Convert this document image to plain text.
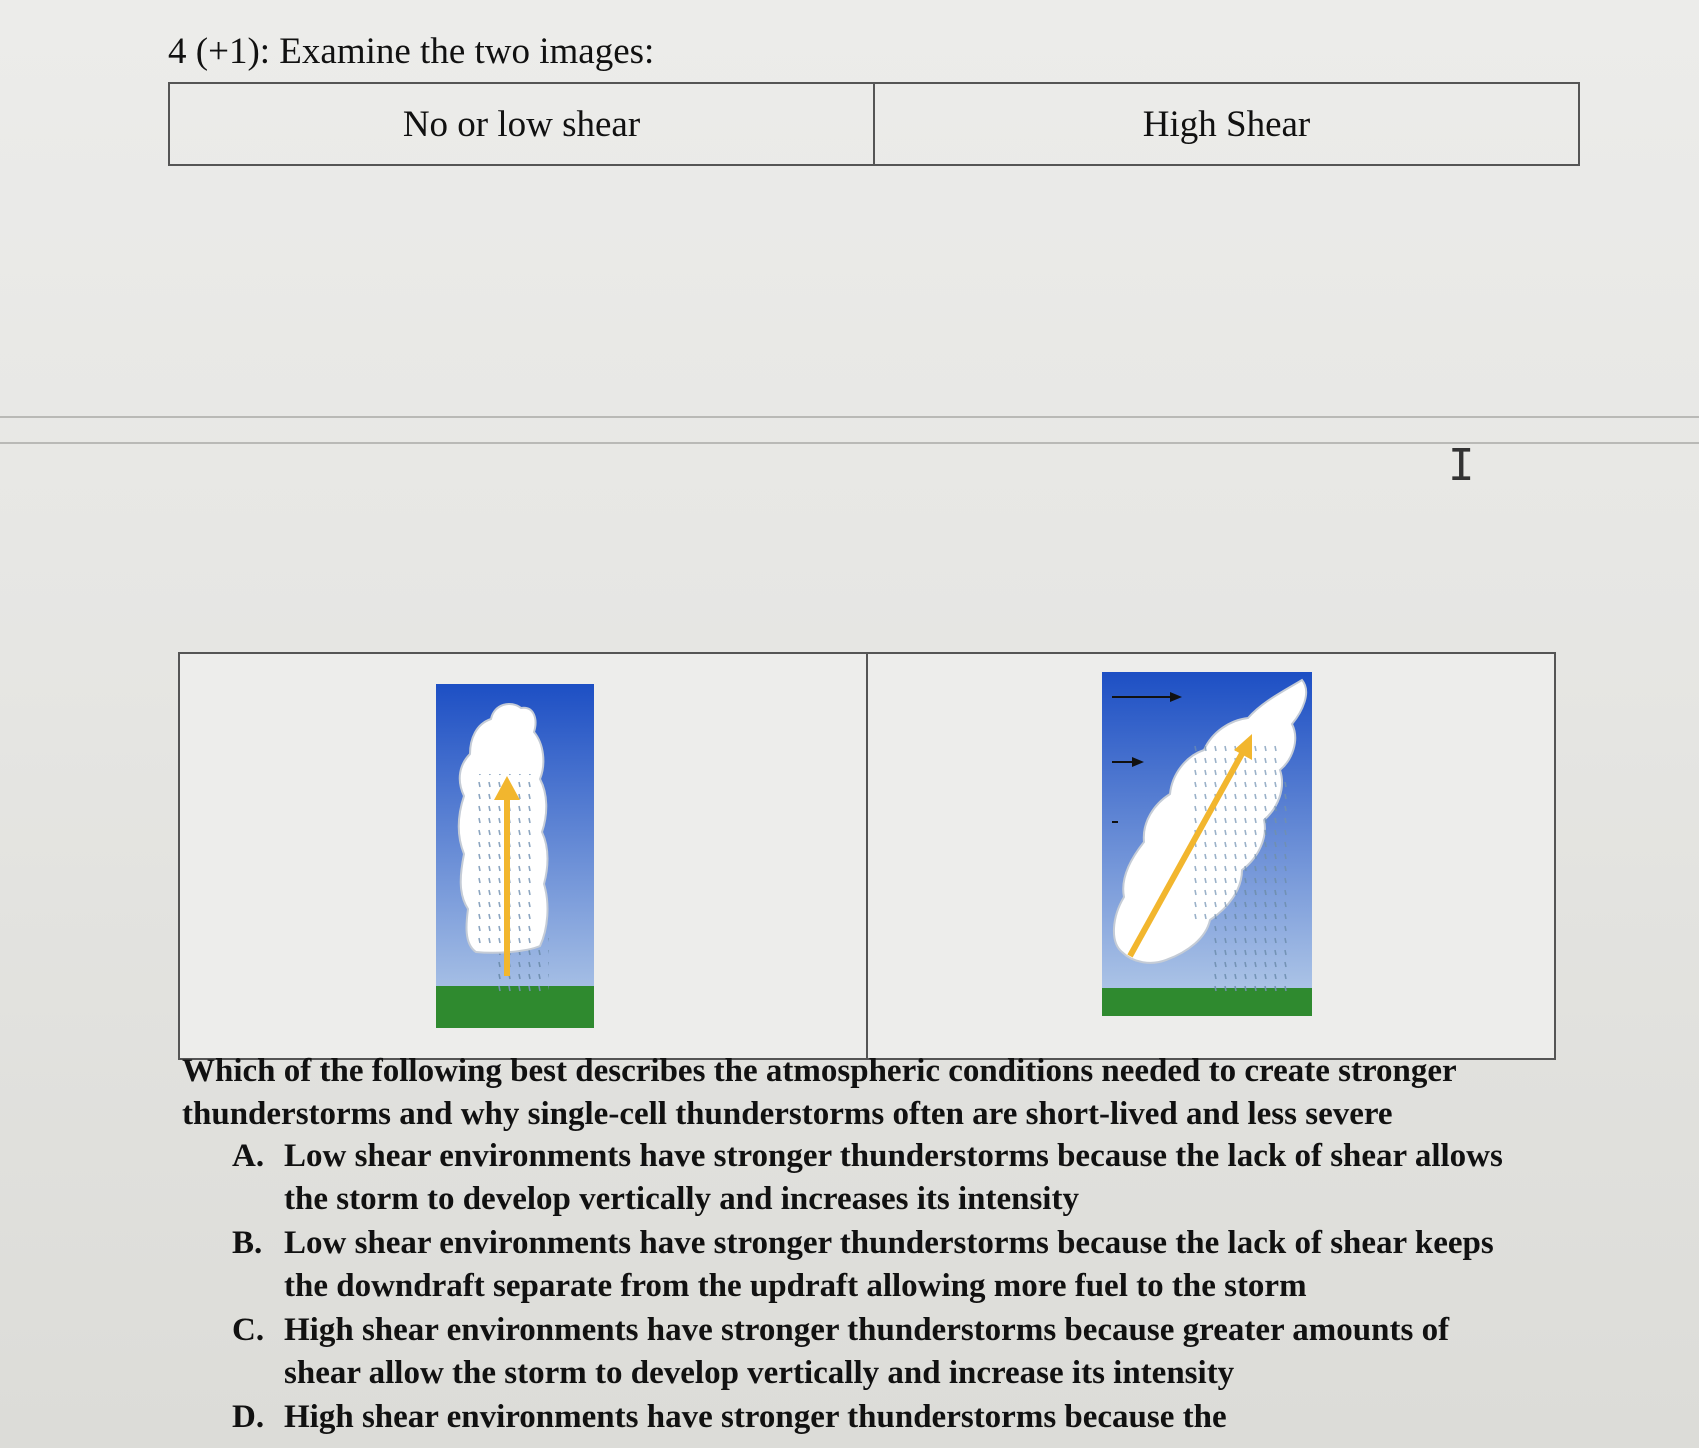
4 (+1): Examine the two images:
No or low shear	High Shear
I

Which of the following best describes the atmospheric conditions needed to create stronger thunderstorms and why single-cell thunderstorms often are short-lived and less severe

A. Low shear environments have stronger thunderstorms because the lack of shear allows the storm to develop vertically and increases its intensity
B. Low shear environments have stronger thunderstorms because the lack of shear keeps the downdraft separate from the updraft allowing more fuel to the storm
C. High shear environments have stronger thunderstorms because greater amounts of shear allow the storm to develop vertically and increase its intensity
D. High shear environments have stronger thunderstorms because the
